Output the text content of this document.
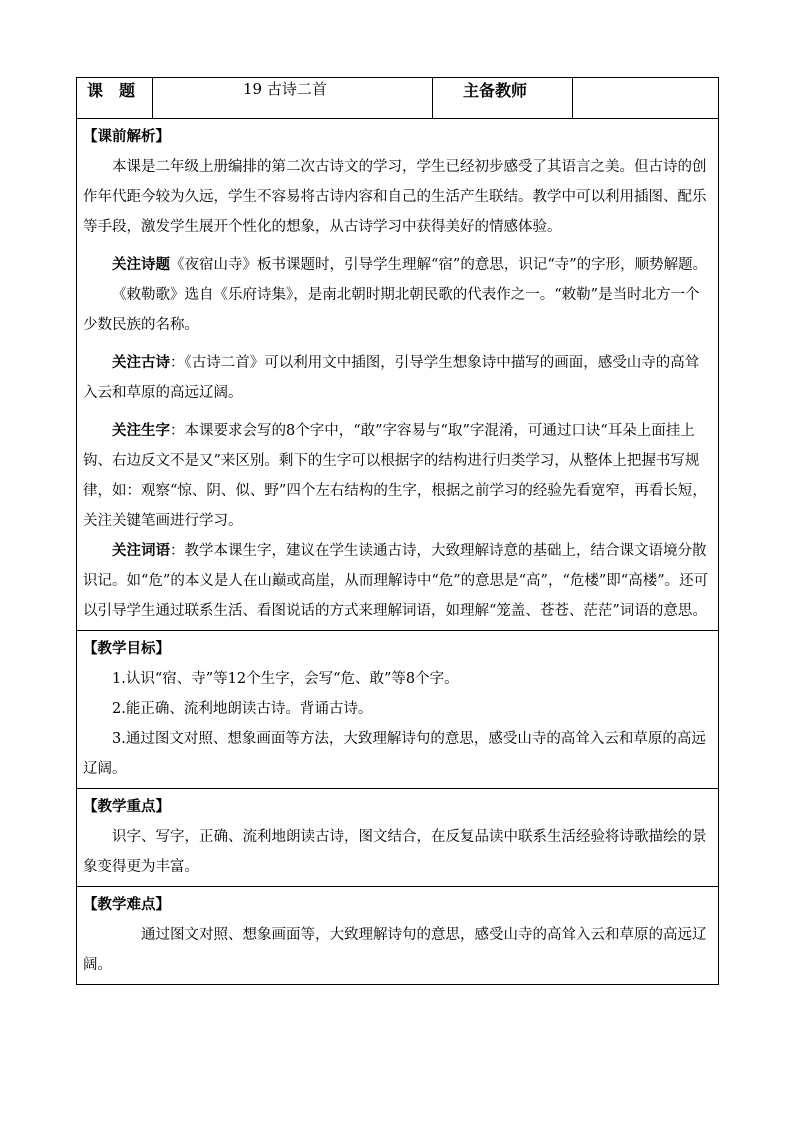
课　题	19 古诗二首	主备教师	

【课前解析】

本课是二年级上册编排的第二次古诗文的学习，学生已经初步感受了其语言之美。但古诗的创作年代距今较为久远，学生不容易将古诗内容和自己的生活产生联结。教学中可以利用插图、配乐等手段，激发学生展开个性化的想象，从古诗学习中获得美好的情感体验。

关注诗题《夜宿山寺》板书课题时，引导学生理解“宿”的意思，识记“寺”的字形，顺势解题。

《敕勒歌》选自《乐府诗集》，是南北朝时期北朝民歌的代表作之一。“敕勒”是当时北方一个少数民族的名称。

关注古诗：《古诗二首》可以利用文中插图，引导学生想象诗中描写的画面，感受山寺的高耸入云和草原的高远辽阔。

关注生字：本课要求会写的8个字中，“敢”字容易与“取”字混淆，可通过口诀“耳朵上面挂上钩、右边反文不是又”来区别。剩下的生字可以根据字的结构进行归类学习，从整体上把握书写规律，如：观察“惊、阴、似、野”四个左右结构的生字，根据之前学习的经验先看宽窄，再看长短，关注关键笔画进行学习。

关注词语：教学本课生字，建议在学生读通古诗，大致理解诗意的基础上，结合课文语境分散识记。如“危”的本义是人在山巅或高崖，从而理解诗中“危”的意思是“高”，“危楼”即“高楼”。还可以引导学生通过联系生活、看图说话的方式来理解词语，如理解“笼盖、苍苍、茫茫”词语的意思。

【教学目标】
1.认识“宿、寺”等12个生字，会写“危、敢”等8个字。
2.能正确、流利地朗读古诗。背诵古诗。

3.通过图文对照、想象画面等方法，大致理解诗句的意思，感受山寺的高耸入云和草原的高远辽阔。

【教学重点】

识字、写字，正确、流利地朗读古诗，图文结合，在反复品读中联系生活经验将诗歌描绘的景象变得更为丰富。

【教学难点】

通过图文对照、想象画面等，大致理解诗句的意思，感受山寺的高耸入云和草原的高远辽阔。
